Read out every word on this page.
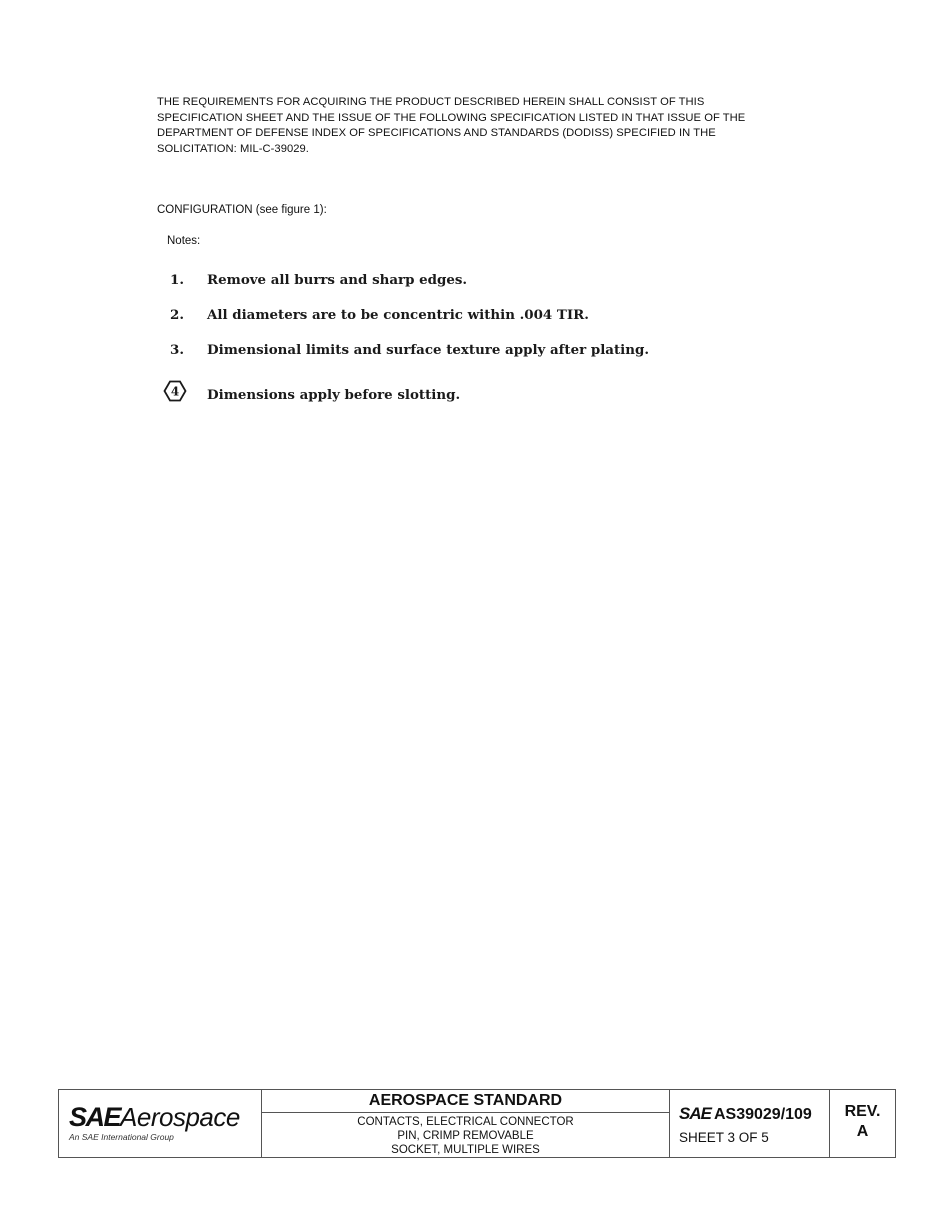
THE REQUIREMENTS FOR ACQUIRING THE PRODUCT DESCRIBED HEREIN SHALL CONSIST OF THIS
SPECIFICATION SHEET AND THE ISSUE OF THE FOLLOWING SPECIFICATION LISTED IN THAT ISSUE OF THE
DEPARTMENT OF DEFENSE INDEX OF SPECIFICATIONS AND STANDARDS (DODISS) SPECIFIED IN THE
SOLICITATION: MIL-C-39029.
CONFIGURATION (see figure 1):
Notes:
1. Remove all burrs and sharp edges.
2. All diameters are to be concentric within .004 TIR.
3. Dimensional limits and surface texture apply after plating.
4 Dimensions apply before slotting.
SAEAerospace
An SAE International Group
AEROSPACE STANDARD
CONTACTS, ELECTRICAL CONNECTOR
PIN, CRIMP REMOVABLE
SOCKET, MULTIPLE WIRES
SAE AS39029/109
SHEET 3 OF 5
REV.
A
